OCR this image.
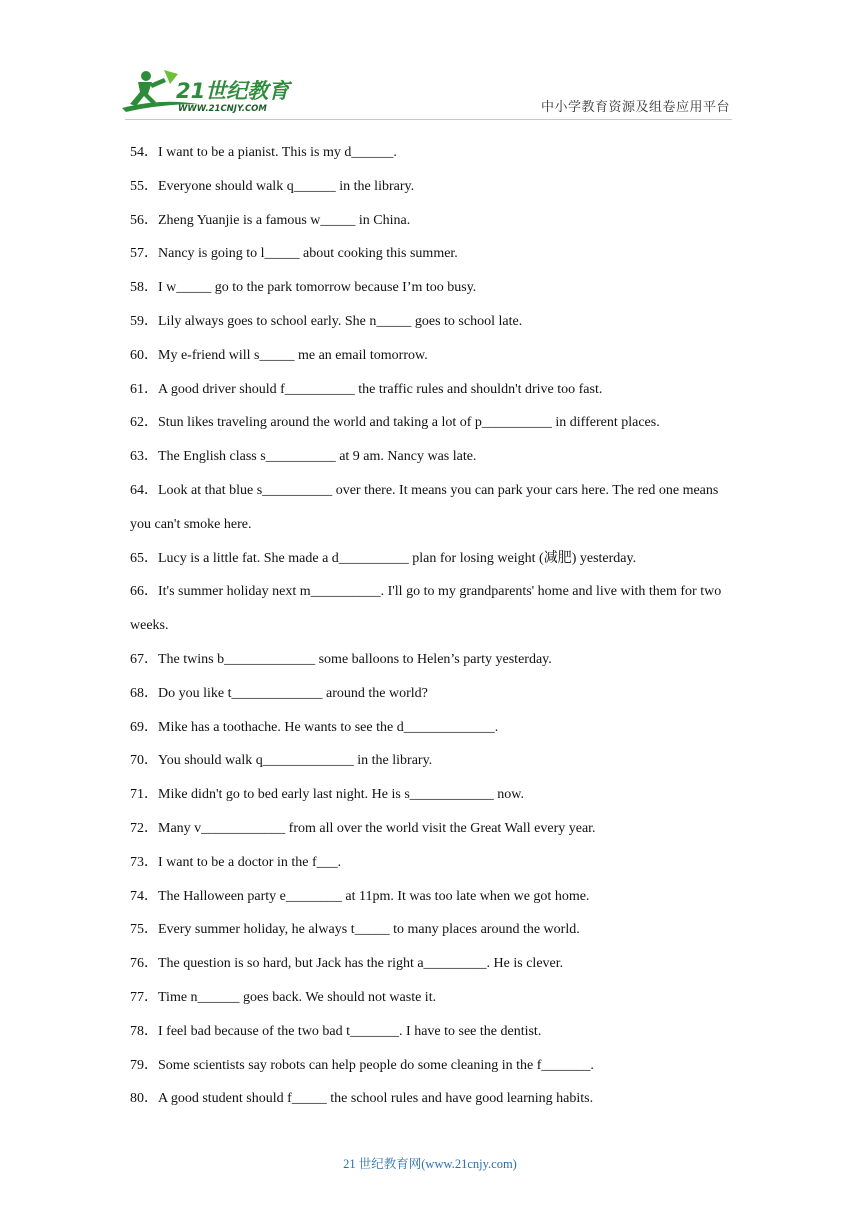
21世纪教育
WWW.21CNJY.COM	中小学教育资源及组卷应用平台
54．I want to be a pianist. This is my d______.
55．Everyone should walk q______ in the library.
56．Zheng Yuanjie is a famous w_____ in China.
57．Nancy is going to l_____ about cooking this summer.
58．I w_____ go to the park tomorrow because I’m too busy.
59．Lily always goes to school early. She n_____ goes to school late.
60．My e-friend will s_____ me an email tomorrow.
61．A good driver should f__________ the traffic rules and shouldn't drive too fast.
62．Stun likes traveling around the world and taking a lot of p__________ in different places.
63．The English class s__________ at 9 am. Nancy was late.
64．Look at that blue s__________ over there. It means you can park your cars here. The red one means you can't smoke here.
65．Lucy is a little fat. She made a d__________ plan for losing weight (减肥) yesterday.
66．It's summer holiday next m__________. I'll go to my grandparents' home and live with them for two weeks.
67．The twins b_____________ some balloons to Helen’s party yesterday.
68．Do you like t_____________ around the world?
69．Mike has a toothache. He wants to see the d_____________.
70．You should walk q_____________ in the library.
71．Mike didn't go to bed early last night. He is s____________ now.
72．Many v____________ from all over the world visit the Great Wall every year.
73．I want to be a doctor in the f___.
74．The Halloween party e________ at 11pm. It was too late when we got home.
75．Every summer holiday, he always t_____ to many places around the world.
76．The question is so hard, but Jack has the right a_________. He is clever.
77．Time n______ goes back. We should not waste it.
78．I feel bad because of the two bad t_______. I have to see the dentist.
79．Some scientists say robots can help people do some cleaning in the f_______.
80．A good student should f_____ the school rules and have good learning habits.
21 世纪教育网(www.21cnjy.com)
